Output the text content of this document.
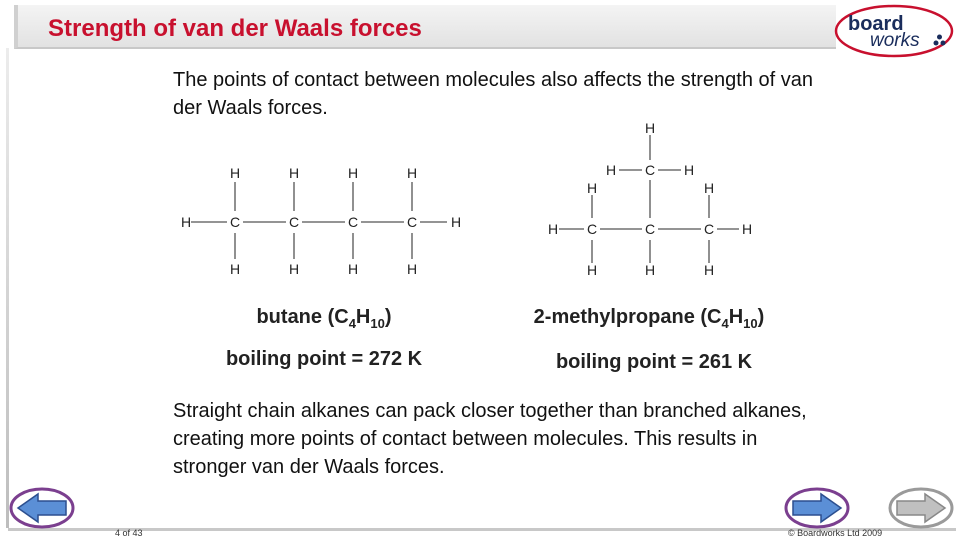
Strength of van der Waals forces	board
works

The points of contact between molecules also affects the strength of van der Waals forces.

H	H	H	H
H	C	C	C	C H
H	H	H	H
H
H C H
H	H
H C	C	C H
H	H	H
butane $(C_4H_{10})$	2-methylpropane $(C_4H_{10})$
boiling point = 272 K	boiling point = 261 K

Straight chain alkanes can pack closer together than branched alkanes, creating more points of contact between molecules. This results in stronger van der Waals forces.

4 of 43	© Boardworks Ltd 2009
